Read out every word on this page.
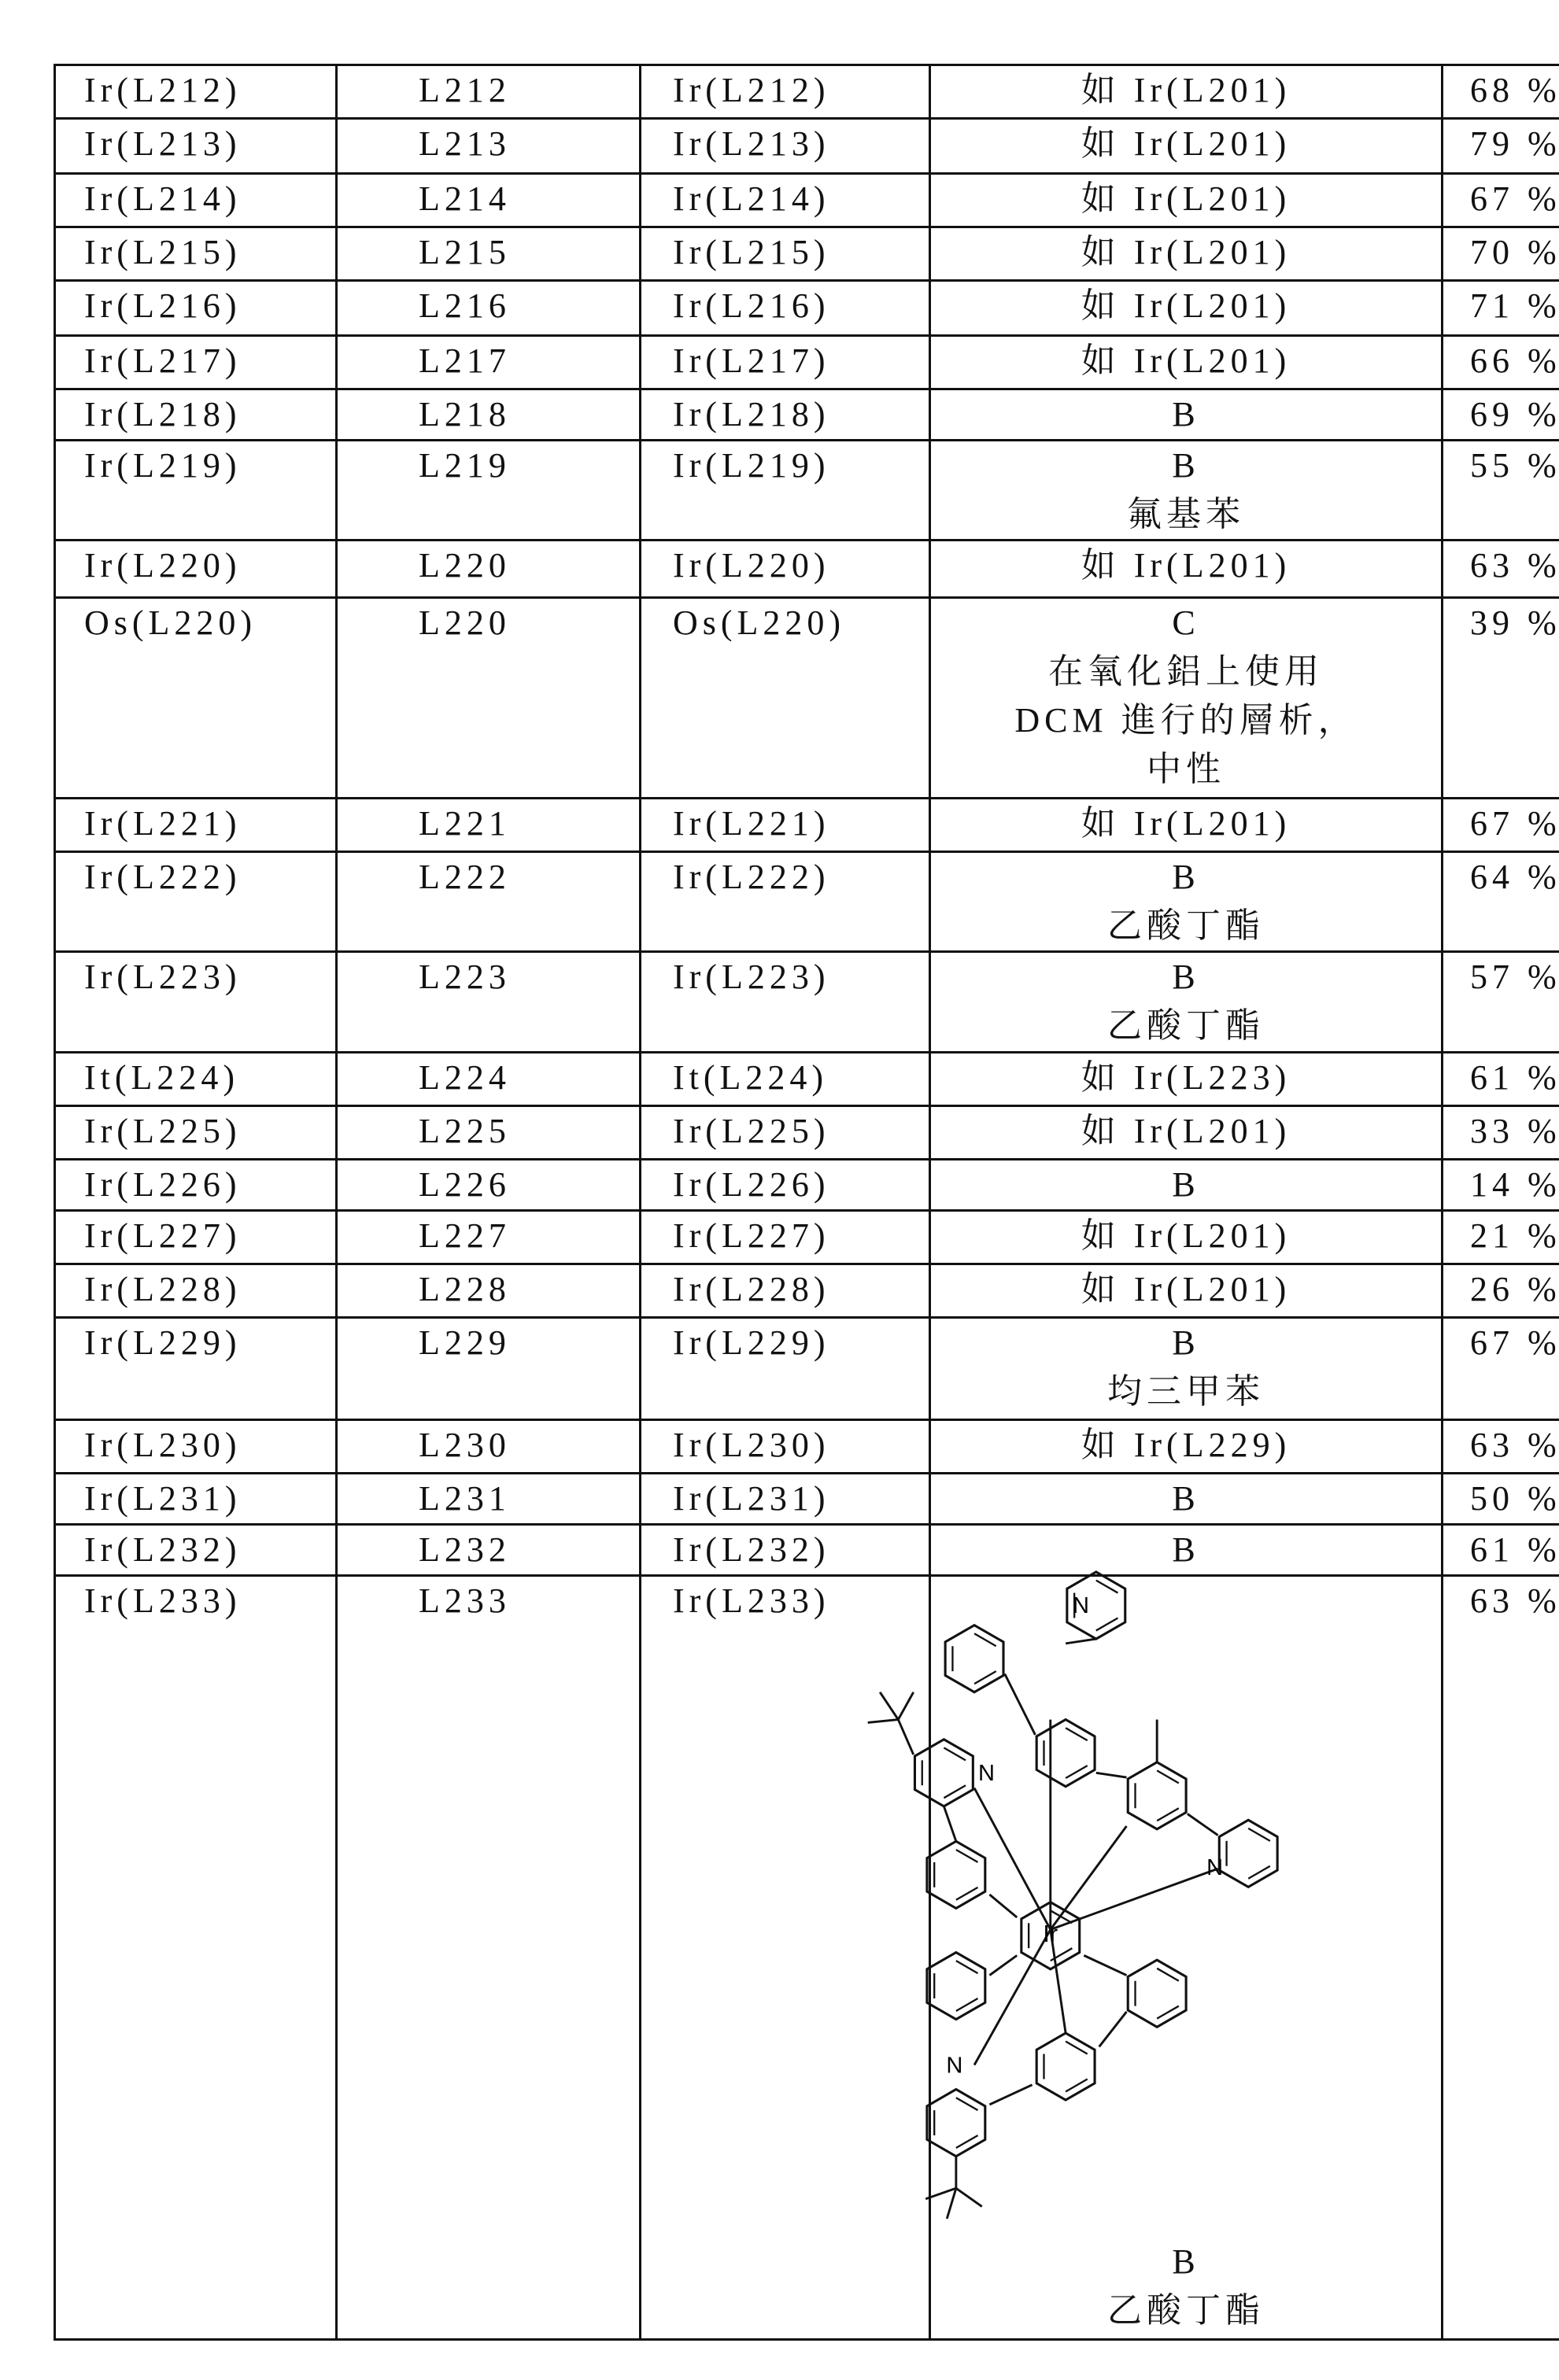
Ir(L212)	L212	Ir(L212)	如 Ir(L201)	68 %
Ir(L213)	L213	Ir(L213)	如 Ir(L201)	79 %
Ir(L214)	L214	Ir(L214)	如 Ir(L201)	67 %
Ir(L215)	L215	Ir(L215)	如 Ir(L201)	70 %
Ir(L216)	L216	Ir(L216)	如 Ir(L201)	71 %
Ir(L217)	L217	Ir(L217)	如 Ir(L201)	66 %
Ir(L218)	L218	Ir(L218)	B	69 %
Ir(L219)	L219	Ir(L219)	B
氟基苯
	55 %
Ir(L220)	L220	Ir(L220)	如 Ir(L201)	63 %
Os(L220)	L220	Os(L220)	C
在氧化鋁上使用
DCM 進行的層析，
中性
	39 %
Ir(L221)	L221	Ir(L221)	如 Ir(L201)	67 %
Ir(L222)	L222	Ir(L222)	B
乙酸丁酯
	64 %
Ir(L223)	L223	Ir(L223)	B
乙酸丁酯
	57 %
It(L224)	L224	It(L224)	如 Ir(L223)	61 %
Ir(L225)	L225	Ir(L225)	如 Ir(L201)	33 %
Ir(L226)	L226	Ir(L226)	B	14 %
Ir(L227)	L227	Ir(L227)	如 Ir(L201)	21 %
Ir(L228)	L228	Ir(L228)	如 Ir(L201)	26 %
Ir(L229)	L229	Ir(L229)	B
均三甲苯
	67 %
Ir(L230)	L230	Ir(L230)	如 Ir(L229)	63 %
Ir(L231)	L231	Ir(L231)	B	50 %
Ir(L232)	L232	Ir(L232)	B	61 %
Ir(L233)	L233	Ir(L233)	
B
乙酸丁酯
	63 %
Ir
N
N
N
N
